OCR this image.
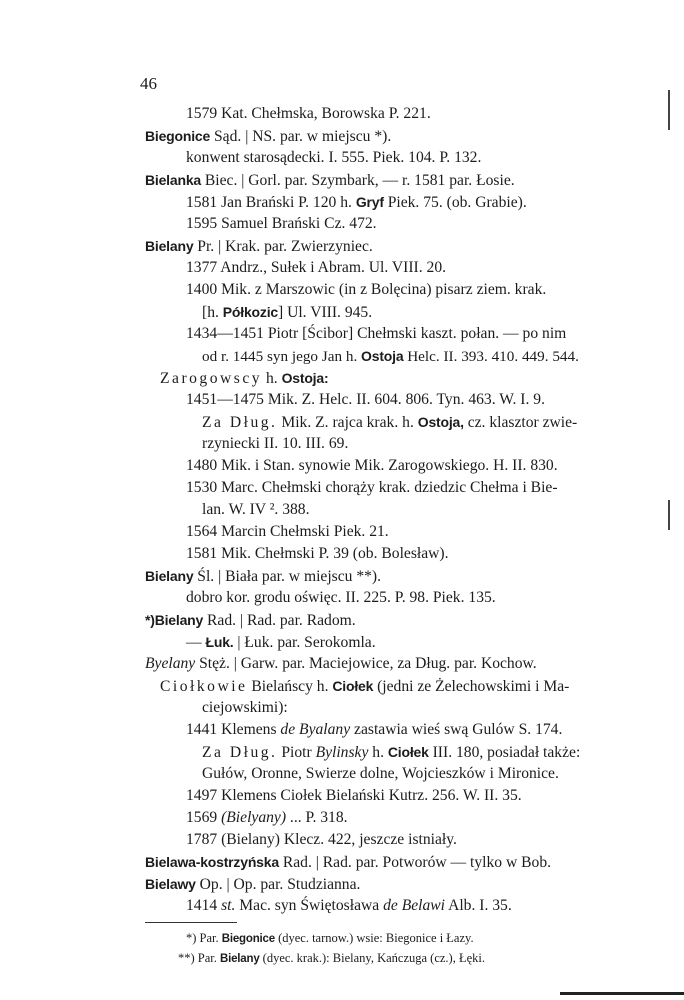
46
1579 Kat. Chełmska, Borowska P. 221.
Biegonice Sąd. | NS. par. w miejscu *).
konwent starosądecki. I. 555. Piek. 104. P. 132.
Bielanka Biec. | Gorl. par. Szymbark, — r. 1581 par. Łosie.
1581 Jan Brański P. 120 h. Gryf Piek. 75. (ob. Grabie).
1595 Samuel Brański Cz. 472.
Bielany Pr. | Krak. par. Zwierzyniec.
1377 Andrz., Sułek i Abram. Ul. VIII. 20.
1400 Mik. z Marszowic (in z Bolęcina) pisarz ziem. krak.
[h. Półkozic] Ul. VIII. 945.
1434—1451 Piotr [Ścibor] Chełmski kaszt. połan. — po nim
od r. 1445 syn jego Jan h. Ostoja Helc. II. 393. 410. 449. 544.
Zarogowscy h. Ostoja:
1451—1475 Mik. Z. Helc. II. 604. 806. Tyn. 463. W. I. 9.
Za Dług. Mik. Z. rajca krak. h. Ostoja, cz. klasztor zwie-
rzyniecki II. 10. III. 69.
1480 Mik. i Stan. synowie Mik. Zarogowskiego. H. II. 830.
1530 Marc. Chełmski chorąży krak. dziedzic Chełma i Bie-
lan. W. IV ². 388.
1564 Marcin Chełmski Piek. 21.
1581 Mik. Chełmski P. 39 (ob. Bolesław).
Bielany Śl. | Biała par. w miejscu **).
dobro kor. grodu oświęc. II. 225. P. 98. Piek. 135.
*)Bielany Rad. | Rad. par. Radom.
— Łuk. | Łuk. par. Serokomla.
Byelany Stęż. | Garw. par. Maciejowice, za Dług. par. Kochow.
Ciołkowie Bielańscy h. Ciołek (jedni ze Żelechowskimi i Ma-
ciejowskimi):
1441 Klemens de Byalany zastawia wieś swą Gulów S. 174.
Za Dług. Piotr Bylinsky h. Ciołek III. 180, posiadał także:
Gułów, Oronne, Swierze dolne, Wojcieszków i Mironice.
1497 Klemens Ciołek Bielański Kutrz. 256. W. II. 35.
1569 (Bielyany) ... P. 318.
1787 (Bielany) Klecz. 422, jeszcze istniały.
Bielawa-kostrzyńska Rad. | Rad. par. Potworów — tylko w Bob.
Bielawy Op. | Op. par. Studzianna.
1414 st. Mac. syn Świętosława de Belawi Alb. I. 35.
*) Par. Biegonice (dyec. tarnow.) wsie: Biegonice i Łazy.
**) Par. Bielany (dyec. krak.): Bielany, Kańczuga (cz.), Łęki.
